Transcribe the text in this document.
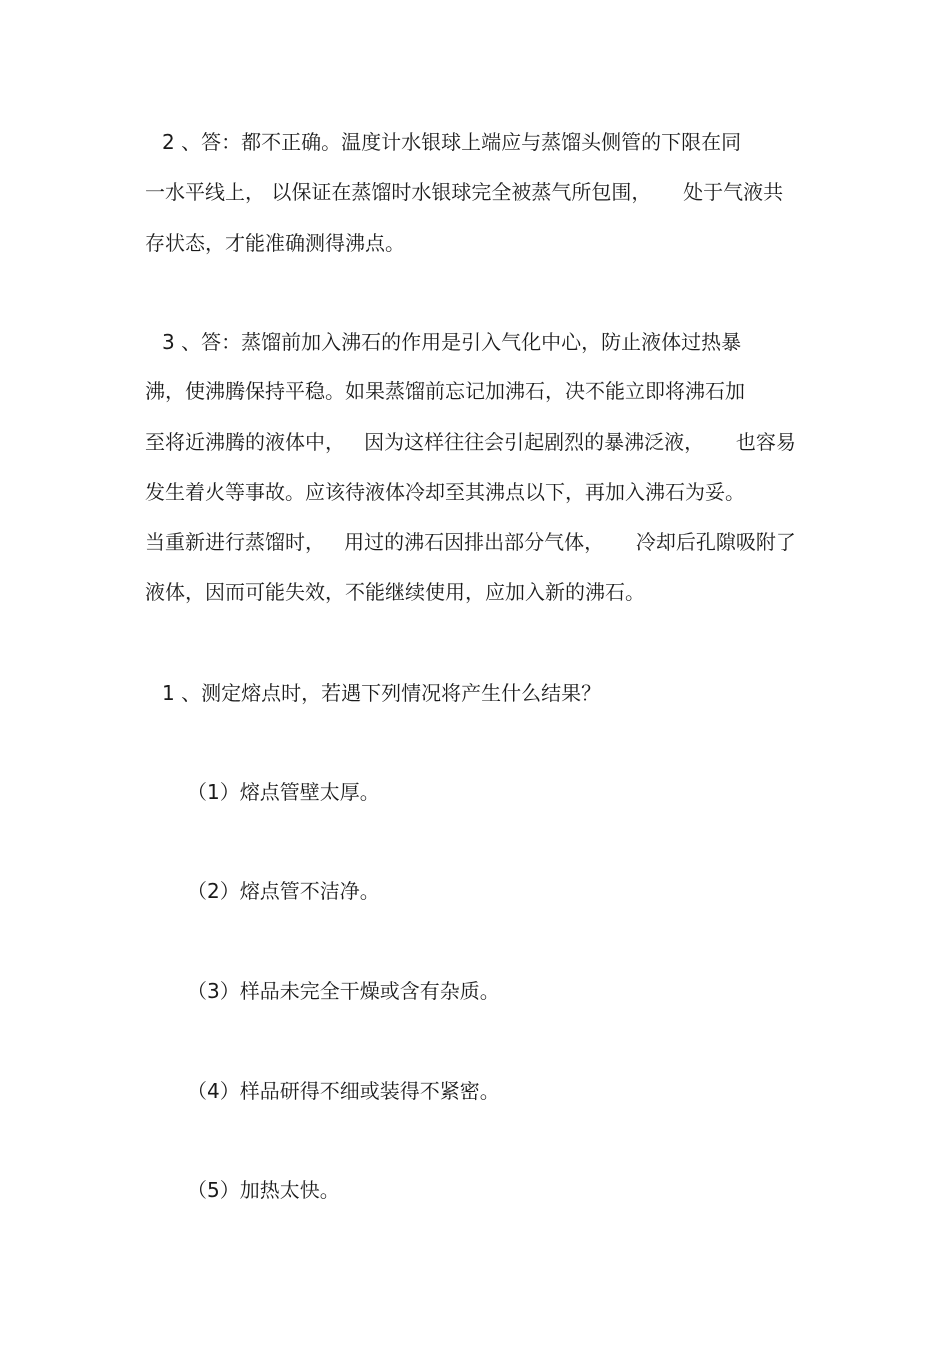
2 、答：都不正确。温度计水银球上端应与蒸馏头侧管的下限在同
一水平线上， 以保证在蒸馏时水银球完全被蒸气所包围，     处于气液共
存状态，才能准确测得沸点。
3 、答：蒸馏前加入沸石的作用是引入气化中心，防止液体过热暴
沸，使沸腾保持平稳。如果蒸馏前忘记加沸石，决不能立即将沸石加
至将近沸腾的液体中，   因为这样往往会引起剧烈的暴沸泛液，     也容易
发生着火等事故。应该待液体冷却至其沸点以下，再加入沸石为妥。
当重新进行蒸馏时，   用过的沸石因排出部分气体，     冷却后孔隙吸附了
液体，因而可能失效，不能继续使用，应加入新的沸石。
1 、测定熔点时，若遇下列情况将产生什么结果？
（1）熔点管壁太厚。
（2）熔点管不洁净。
（3）样品未完全干燥或含有杂质。
（4）样品研得不细或装得不紧密。
（5）加热太快。
